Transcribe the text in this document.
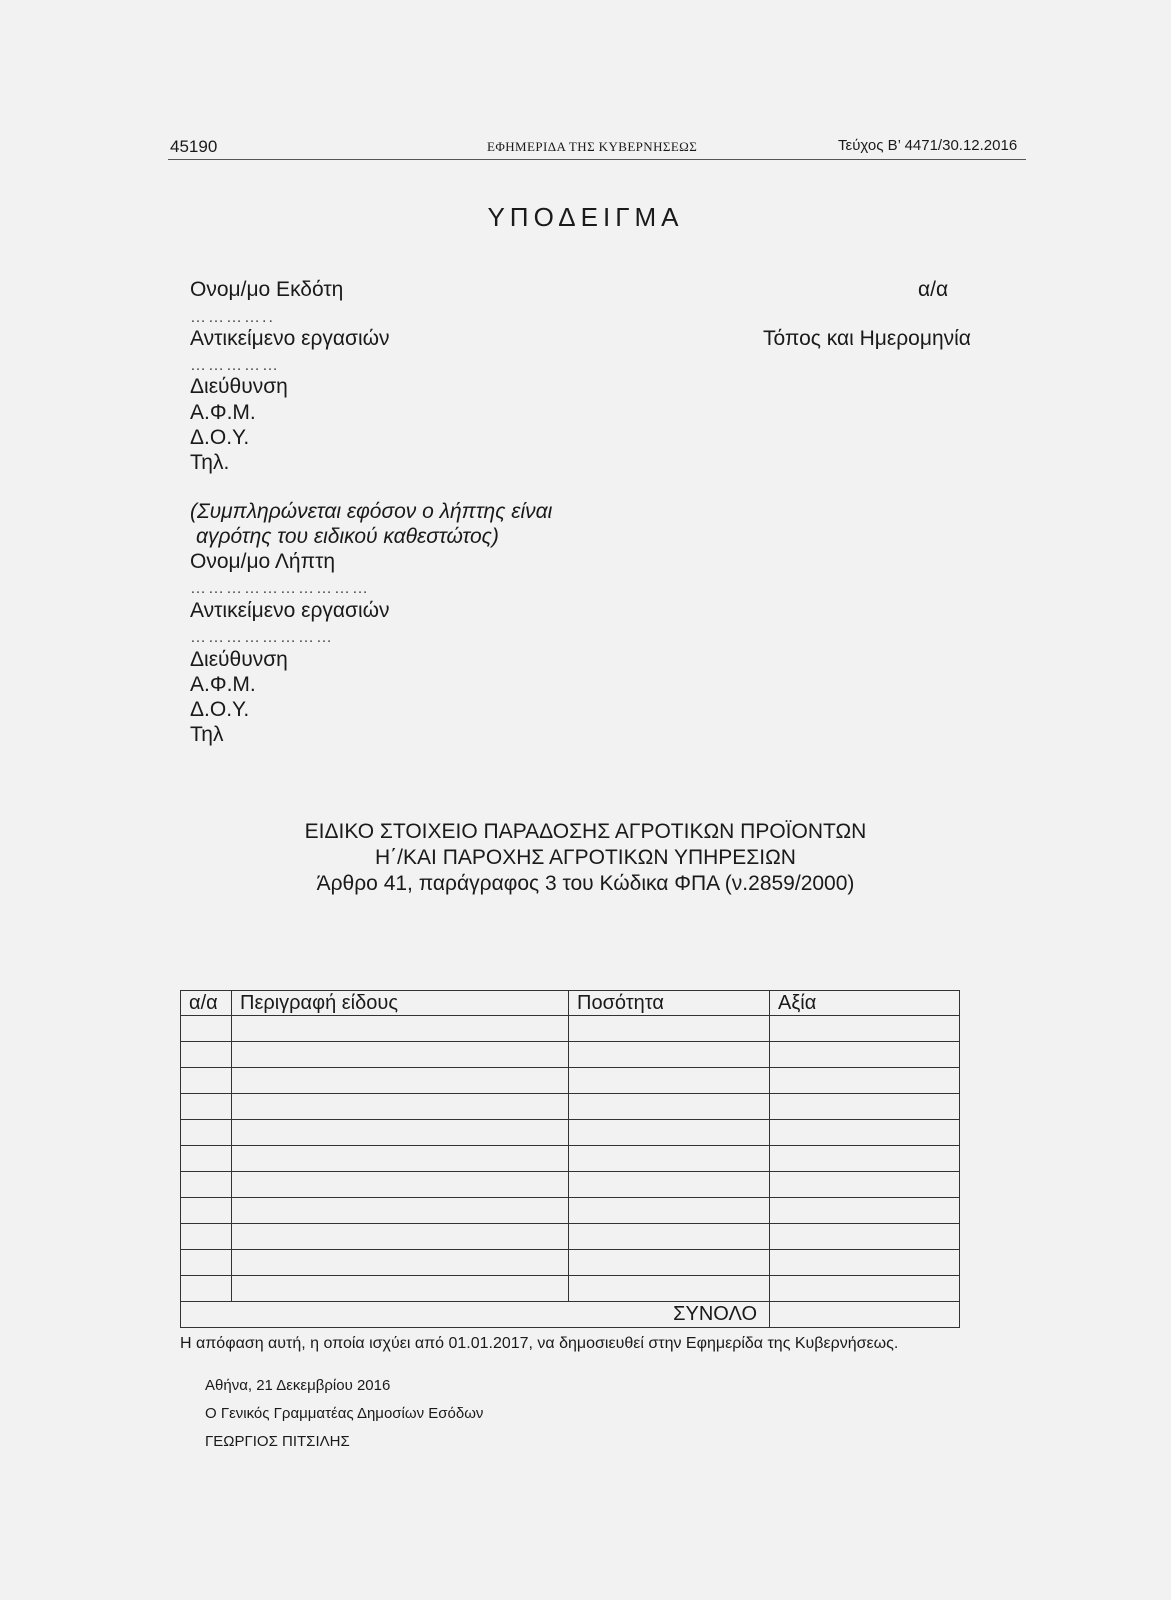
45190	ΕΦΗΜΕΡΙΔΑ ΤΗΣ ΚΥΒΕΡΝΗΣΕΩΣ	Τεύχος Β’ 4471/30.12.2016
ΥΠΟΔΕΙΓΜΑ
Ονομ/μο Εκδότη
…………..
Αντικείμενο εργασιών
……………
Διεύθυνση
Α.Φ.Μ.
Δ.Ο.Υ.
Τηλ.
α/α
Τόπος και Ημερομηνία
(Συμπληρώνεται εφόσον ο λήπτης είναι
αγρότης του ειδικού καθεστώτος)
Ονομ/μο Λήπτη
…………………………
Αντικείμενο εργασιών
……………………
Διεύθυνση
Α.Φ.Μ.
Δ.Ο.Υ.
Τηλ
ΕΙΔΙΚΟ ΣΤΟΙΧΕΙΟ ΠΑΡΑΔΟΣΗΣ ΑΓΡΟΤΙΚΩΝ ΠΡΟΪΟΝΤΩΝ
Η΄/ΚΑΙ ΠΑΡΟΧΗΣ ΑΓΡΟΤΙΚΩΝ ΥΠΗΡΕΣΙΩΝ
Άρθρο 41, παράγραφος 3 του Κώδικα ΦΠΑ (ν.2859/2000)
α/α	Περιγραφή είδους	Ποσότητα	Αξία

ΣΥΝΟΛΟ			
Η απόφαση αυτή, η οποία ισχύει από 01.01.2017, να δημοσιευθεί στην Εφημερίδα της Κυβερνήσεως.
Αθήνα, 21 Δεκεμβρίου 2016
Ο Γενικός Γραμματέας Δημοσίων Εσόδων
ΓΕΩΡΓΙΟΣ ΠΙΤΣΙΛΗΣ
